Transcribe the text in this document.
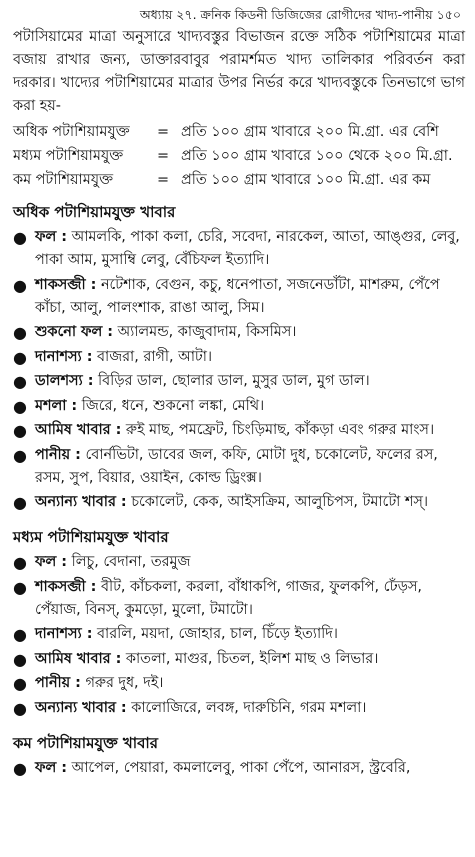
অধ্যায় ২৭. ক্রনিক কিডনী ডিজিজের রোগীদের খাদ্য-পানীয় ১৫০

পটাসিয়ামের মাত্রা অনুসারে খাদ্যবস্তুর বিভাজন রক্তে সঠিক পটাশিয়ামের মাত্রা বজায় রাখার জন্য, ডাক্তারবাবুর পরামর্শমত খাদ্য তালিকার পরিবর্তন করা দরকার। খাদ্যের পটাশিয়ামের মাত্রার উপর নির্ভর করে খাদ্যবস্তুকে তিনভাগে ভাগ করা হয়-

অধিক পটাশিয়ামযুক্ত	= প্রতি ১০০ গ্রাম খাবারে ২০০ মি.গ্রা. এর বেশি
মধ্যম পটাশিয়ামযুক্ত	= প্রতি ১০০ গ্রাম খাবারে ১০০ থেকে ২০০ মি.গ্রা.
কম পটাশিয়ামযুক্ত	= প্রতি ১০০ গ্রাম খাবারে ১০০ মি.গ্রা. এর কম
অধিক পটাশিয়ামযুক্ত খাবার
● ফল : আমলকি, পাকা কলা, চেরি, সবেদা, নারকেল, আতা, আঙ্গুর, লেবু, পাকা আম, মুসাম্বি লেবু, বেঁচিফল ইত্যাদি।
● শাকসব্জী : নটেশাক, বেগুন, কচু, ধনেপাতা, সজনেডাঁটা, মাশরুম, পেঁপে কাঁচা, আলু, পালংশাক, রাঙা আলু, সিম।
● শুকনো ফল : অ্যালমন্ড, কাজুবাদাম, কিসমিস।
● দানাশস্য : বাজরা, রাগী, আটা।
● ডালশস্য : বিড়ির ডাল, ছোলার ডাল, মুসুর ডাল, মুগ ডাল।
● মশলা : জিরে, ধনে, শুকনো লঙ্কা, মেথি।
● আমিষ খাবার : রুই মাছ, পমফ্রেট, চিংড়িমাছ, কাঁকড়া এবং গরুর মাংস।
● পানীয় : বোর্নভিটা, ডাবের জল, কফি, মোটা দুধ, চকোলেট, ফলের রস, রসম, সুপ, বিয়ার, ওয়াইন, কোল্ড ড্রিংক্স।
● অন্যান্য খাবার : চকোলেট, কেক, আইসক্রিম, আলুচিপস, টমাটো শস্।
মধ্যম পটাশিয়ামযুক্ত খাবার
● ফল : লিচু, বেদানা, তরমুজ
● শাকসব্জী : বীট, কাঁচকলা, করলা, বাঁধাকপি, গাজর, ফুলকপি, ঢেঁড়স, পেঁয়াজ, বিনস্, কুমড়ো, মুলো, টমাটো।
● দানাশস্য : বারলি, ময়দা, জোহার, চাল, চিঁড়ে ইত্যাদি।
● আমিষ খাবার : কাতলা, মাগুর, চিতল, ইলিশ মাছ ও লিভার।
● পানীয় : গরুর দুধ, দই।
● অন্যান্য খাবার : কালোজিরে, লবঙ্গ, দারুচিনি, গরম মশলা।
কম পটাশিয়ামযুক্ত খাবার
● ফল : আপেল, পেয়ারা, কমলালেবু, পাকা পেঁপে, আনারস, স্ট্রবেরি,
